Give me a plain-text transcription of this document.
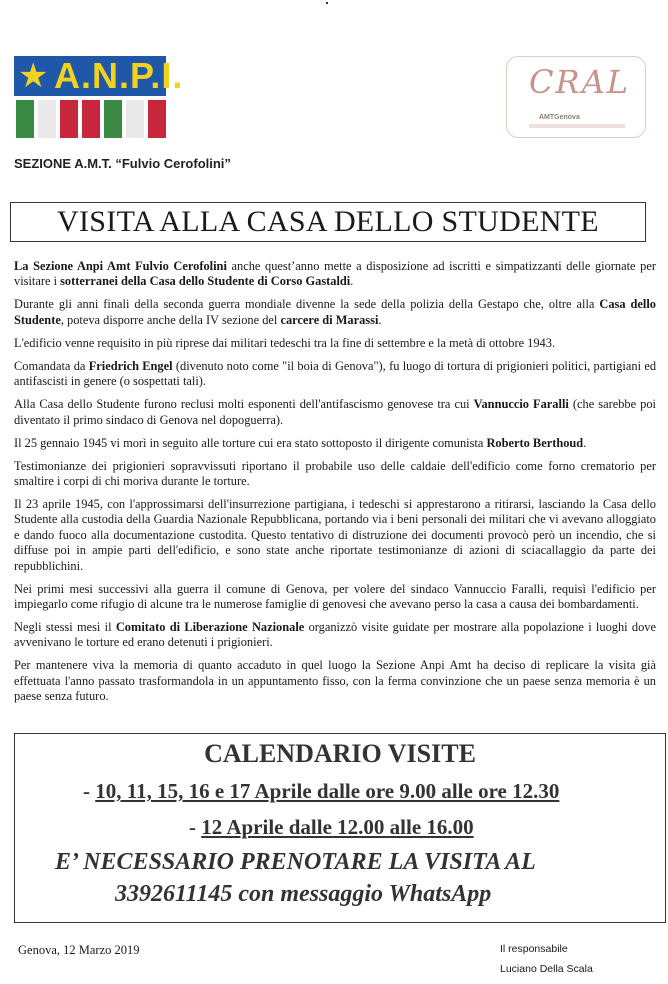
★ A.N.P.I.	CRAL
AMTGenova
SEZIONE A.M.T. “Fulvio Cerofolini”
VISITA ALLA CASA DELLO STUDENTE

La Sezione Anpi Amt Fulvio Cerofolini anche quest’anno mette a disposizione ad iscritti e simpatizzanti delle giornate per visitare i sotterranei della Casa dello Studente di Corso Gastaldi.

Durante gli anni finali della seconda guerra mondiale divenne la sede della polizia della Gestapo che, oltre alla Casa dello Studente, poteva disporre anche della IV sezione del carcere di Marassi.

L'edificio venne requisito in più riprese dai militari tedeschi tra la fine di settembre e la metà di ottobre 1943.

Comandata da Friedrich Engel (divenuto noto come "il boia di Genova"), fu luogo di tortura di prigionieri politici, partigiani ed antifascisti in genere (o sospettati tali).

Alla Casa dello Studente furono reclusi molti esponenti dell'antifascismo genovese tra cui Vannuccio Faralli (che sarebbe poi diventato il primo sindaco di Genova nel dopoguerra).

Il 25 gennaio 1945 vi morì in seguito alle torture cui era stato sottoposto il dirigente comunista Roberto Berthoud.

Testimonianze dei prigionieri sopravvissuti riportano il probabile uso delle caldaie dell'edificio come forno crematorio per smaltire i corpi di chi moriva durante le torture.

Il 23 aprile 1945, con l'approssimarsi dell'insurrezione partigiana, i tedeschi si apprestarono a ritirarsi, lasciando la Casa dello Studente alla custodia della Guardia Nazionale Repubblicana, portando via i beni personali dei militari che vi avevano alloggiato e dando fuoco alla documentazione custodita. Questo tentativo di distruzione dei documenti provocò però un incendio, che si diffuse poi in ampie parti dell'edificio, e sono state anche riportate testimonianze di azioni di sciacallaggio da parte dei repubblichini.

Nei primi mesi successivi alla guerra il comune di Genova, per volere del sindaco Vannuccio Faralli, requisì l'edificio per impiegarlo come rifugio di alcune tra le numerose famiglie di genovesi che avevano perso la casa a causa dei bombardamenti.

Negli stessi mesi il Comitato di Liberazione Nazionale organizzò visite guidate per mostrare alla popolazione i luoghi dove avvenivano le torture ed erano detenuti i prigionieri.

Per mantenere viva la memoria di quanto accaduto in quel luogo la Sezione Anpi Amt ha deciso di replicare la visita già effettuata l'anno passato trasformandola in un appuntamento fisso, con la ferma convinzione che un paese senza memoria è un paese senza futuro.

CALENDARIO VISITE
- 10, 11, 15, 16 e 17 Aprile dalle ore 9.00 alle ore 12.30
- 12 Aprile dalle 12.00 alle 16.00
E’ NECESSARIO PRENOTARE LA VISITA AL
3392611145 con messaggio WhatsApp
Genova, 12 Marzo 2019	Il responsabile
Luciano Della Scala
